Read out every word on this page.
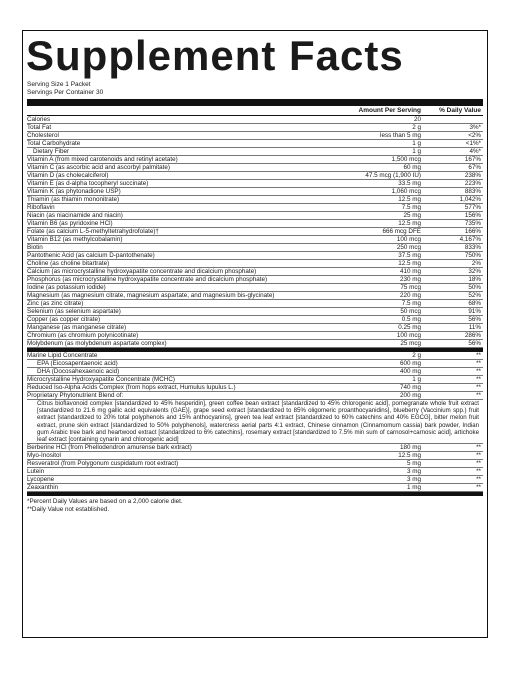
Supplement Facts
Serving Size 1 Packet
Servings Per Container 30
Amount Per Serving	% Daily Value
Calories	20
Total Fat	2 g	3%*
Cholesterol	less than 5 mg	<2%
Total Carbohydrate	1 g	<1%*
Dietary Fiber	1 g	4%*
Vitamin A (from mixed carotenoids and retinyl acetate)	1,500 mcg	167%
Vitamin C (as ascorbic acid and ascorbyl palmitate)	60 mg	67%
Vitamin D (as cholecalciferol)	47.5 mcg (1,900 IU)	238%
Vitamin E (as d-alpha tocopheryl succinate)	33.5 mg	223%
Vitamin K (as phytonadione USP)	1,060 mcg	883%
Thiamin (as thiamin mononitrate)	12.5 mg	1,042%
Riboflavin	7.5 mg	577%
Niacin (as niacinamide and niacin)	25 mg	156%
Vitamin B6 (as pyridoxine HCl)	12.5 mg	735%
Folate (as calcium L-5-methyltetrahydrofolate)†	666 mcg DFE	166%
Vitamin B12 (as methylcobalamin)	100 mcg	4,167%
Biotin	250 mcg	833%
Pantothenic Acid (as calcium D-pantothenate)	37.5 mg	750%
Choline (as choline bitartrate)	12.5 mg	2%
Calcium (as microcrystalline hydroxyapatite concentrate and dicalcium phosphate)	410 mg	32%
Phosphorus (as microcrystalline hydroxyapatite concentrate and dicalcium phosphate)	230 mg	18%
Iodine (as potassium iodide)	75 mcg	50%
Magnesium (as magnesium citrate, magnesium aspartate, and magnesium bis-glycinate)	220 mg	52%
Zinc (as zinc citrate)	7.5 mg	68%
Selenium (as selenium aspartate)	50 mcg	91%
Copper (as copper citrate)	0.5 mg	56%
Manganese (as manganese citrate)	0.25 mg	11%
Chromium (as chromium polynicotinate)	100 mcg	286%
Molybdenum (as molybdenum aspartate complex)	25 mcg	56%
Marine Lipid Concentrate	2 g	**
EPA (Eicosapentaenoic acid)	600 mg	**
DHA (Docosahexaenoic acid)	400 mg	**
Microcrystalline Hydroxyapatite Concentrate (MCHC)	1 g	**
Reduced Iso-Alpha Acids Complex (from hops extract, Humulus lupulus L.)	740 mg	**
Proprietary Phytonutrient Blend of:	200 mg	**
Citrus bioflavonoid complex [standardized to 45% hesperidin], green coffee bean extract [standardized to 45% chlorogenic acid], pomegranate whole fruit extract [standardized to 21.6 mg gallic acid equivalents (GAE)], grape seed extract [standardized to 85% oligomeric proanthocyanidins], blueberry (Vaccinium spp.) fruit extract [standardized to 20% total polyphenols and 15% anthocyanins], green tea leaf extract [standardized to 60% catechins and 40% EGCG], bitter melon fruit extract, prune skin extract [standardized to 50% polyphenols], watercress aerial parts 4:1 extract, Chinese cinnamon (Cinnamomum cassia) bark powder, Indian gum Arabic tree bark and heartwood extract [standardized to 6% catechins], rosemary extract [standardized to 7.5% min sum of carnosol+carnosic acid], artichoke leaf extract [containing cynarin and chlorogenic acid]
Berberine HCl (from Phellodendron amurense bark extract)	180 mg	**
Myo-Inositol	12.5 mg	**
Resveratrol (from Polygonum cuspidatum root extract)	5 mg	**
Lutein	3 mg	**
Lycopene	3 mg	**
Zeaxanthin	1 mg	**
*Percent Daily Values are based on a 2,000 calorie diet.
**Daily Value not established.
